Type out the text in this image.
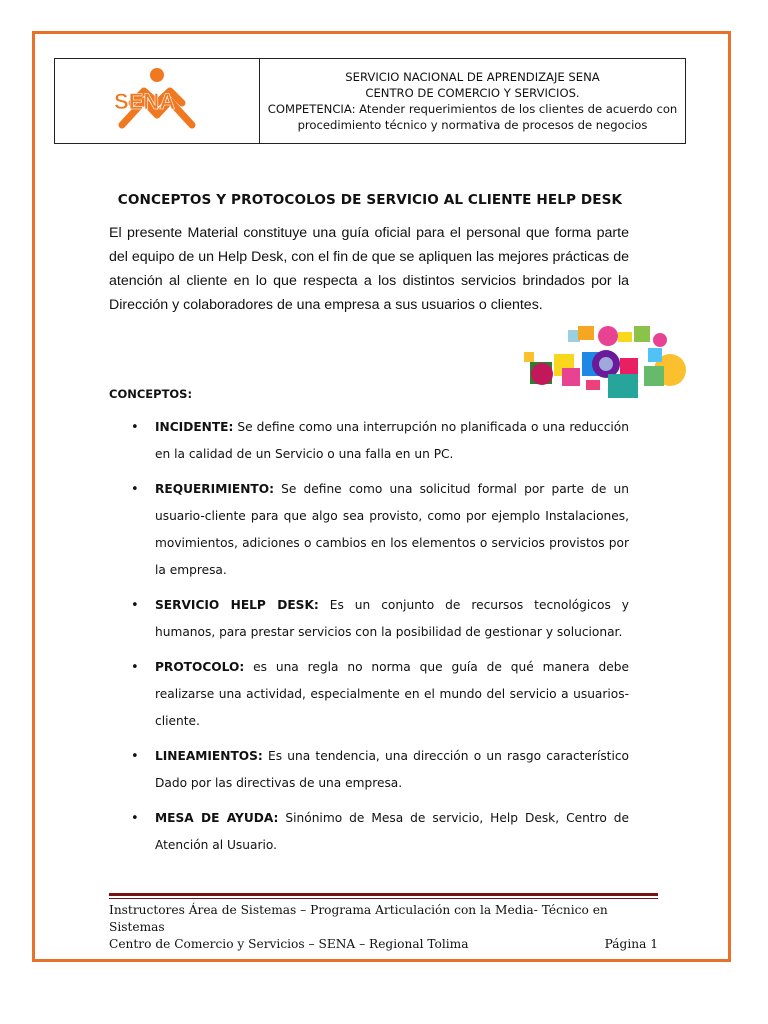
SENA
SERVICIO NACIONAL DE APRENDIZAJE SENA
CENTRO DE COMERCIO Y SERVICIOS.
COMPETENCIA: Atender requerimientos de los clientes de acuerdo con
procedimiento técnico y normativa de procesos de negocios
CONCEPTOS Y PROTOCOLOS DE SERVICIO AL CLIENTE HELP DESK
El presente Material constituye una guía oficial para el personal que forma parte del equipo de un Help Desk, con el fin de que se apliquen las mejores prácticas de atención al cliente en lo que respecta a los distintos servicios brindados por la Dirección y colaboradores de una empresa a sus usuarios o clientes.
CONCEPTOS:
• INCIDENTE: Se define como una interrupción no planificada o una reducción en la calidad de un Servicio o una falla en un PC.
• REQUERIMIENTO: Se define como una solicitud formal por parte de un usuario-cliente para que algo sea provisto, como por ejemplo Instalaciones, movimientos, adiciones o cambios en los elementos o servicios provistos por la empresa.
• SERVICIO HELP DESK: Es un conjunto de recursos tecnológicos y humanos, para prestar servicios con la posibilidad de gestionar y solucionar.
• PROTOCOLO: es una regla no norma que guía de qué manera debe realizarse una actividad, especialmente en el mundo del servicio a usuarios- cliente.
• LINEAMIENTOS: Es una tendencia, una dirección o un rasgo característico Dado por las directivas de una empresa.
• MESA DE AYUDA: Sinónimo de Mesa de servicio, Help Desk, Centro de Atención al Usuario.
Instructores Área de Sistemas – Programa Articulación con la Media- Técnico en Sistemas
Centro de Comercio y Servicios – SENA – Regional Tolima	Página 1
